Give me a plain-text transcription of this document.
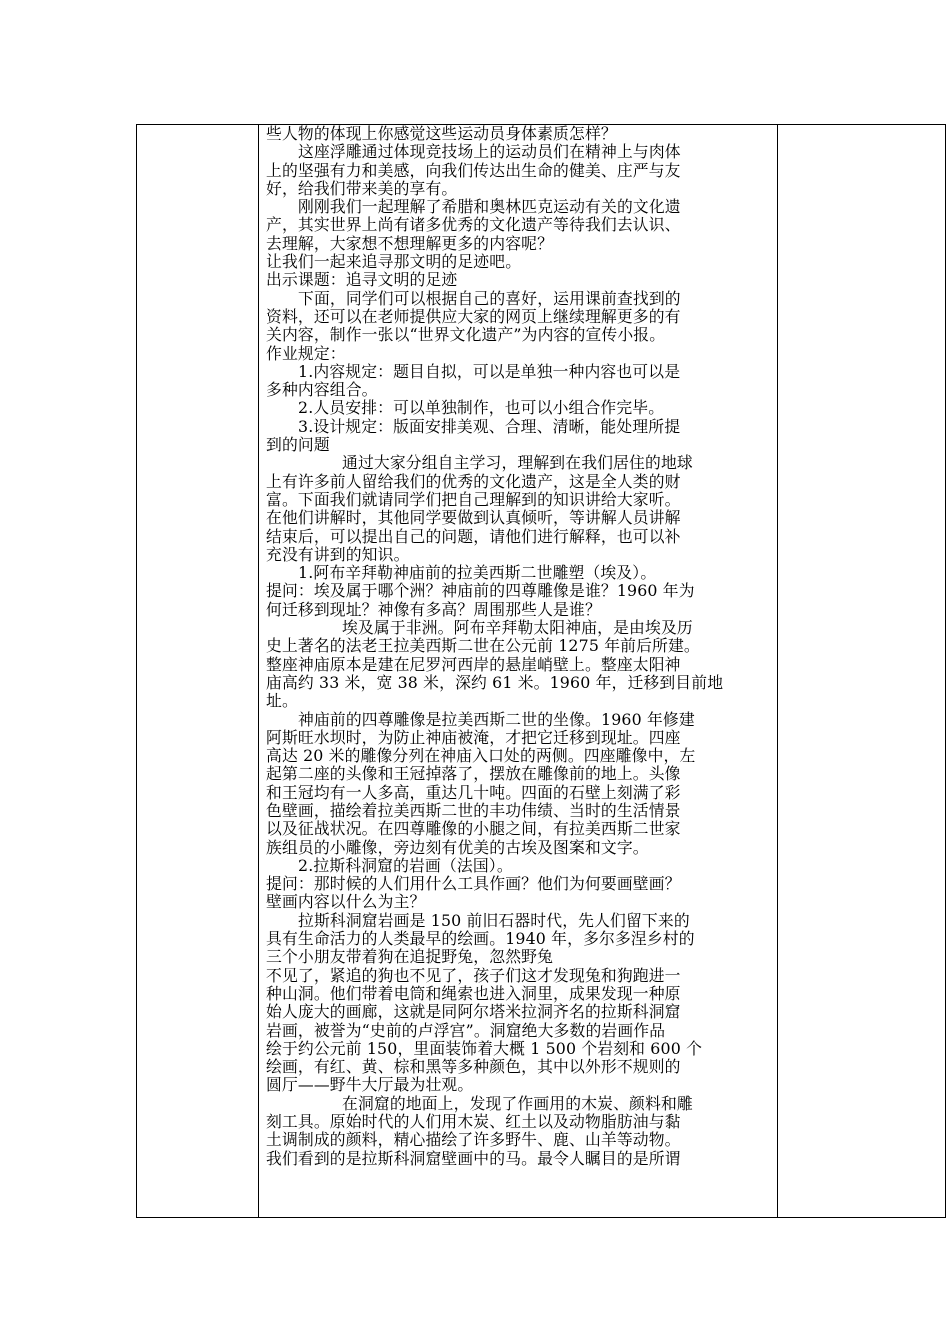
些人物的体现上你感觉这些运动员身体素质怎样？
这座浮雕通过体现竞技场上的运动员们在精神上与肉体
上的坚强有力和美感，向我们传达出生命的健美、庄严与友
好，给我们带来美的享有。
刚刚我们一起理解了希腊和奥林匹克运动有关的文化遗
产，其实世界上尚有诸多优秀的文化遗产等待我们去认识、
去理解，大家想不想理解更多的内容呢？
让我们一起来追寻那文明的足迹吧。
出示课题：追寻文明的足迹
下面，同学们可以根据自己的喜好，运用课前查找到的
资料，还可以在老师提供应大家的网页上继续理解更多的有
关内容，制作一张以“世界文化遗产”为内容的宣传小报。
作业规定：
1.内容规定：题目自拟，可以是单独一种内容也可以是
多种内容组合。
2.人员安排：可以单独制作，也可以小组合作完毕。
3.设计规定：版面安排美观、合理、清晰，能处理所提
到的问题
通过大家分组自主学习，理解到在我们居住的地球
上有许多前人留给我们的优秀的文化遗产，这是全人类的财
富。下面我们就请同学们把自己理解到的知识讲给大家听。
在他们讲解时，其他同学要做到认真倾听，等讲解人员讲解
结束后，可以提出自己的问题，请他们进行解释，也可以补
充没有讲到的知识。
1.阿布辛拜勒神庙前的拉美西斯二世雕塑（埃及）。
提问：埃及属于哪个洲？神庙前的四尊雕像是谁？1960 年为
何迁移到现址？神像有多高？周围那些人是谁？
埃及属于非洲。阿布辛拜勒太阳神庙，是由埃及历
史上著名的法老王拉美西斯二世在公元前 1275 年前后所建。
整座神庙原本是建在尼罗河西岸的悬崖峭壁上。整座太阳神
庙高约 33 米，宽 38 米，深约 61 米。1960 年，迁移到目前地
址。
神庙前的四尊雕像是拉美西斯二世的坐像。1960 年修建
阿斯旺水坝时，为防止神庙被淹，才把它迁移到现址。四座
高达 20 米的雕像分列在神庙入口处的两侧。四座雕像中，左
起第二座的头像和王冠掉落了，摆放在雕像前的地上。头像
和王冠均有一人多高，重达几十吨。四面的石壁上刻满了彩
色壁画，描绘着拉美西斯二世的丰功伟绩、当时的生活情景
以及征战状况。在四尊雕像的小腿之间，有拉美西斯二世家
族组员的小雕像，旁边刻有优美的古埃及图案和文字。
2.拉斯科洞窟的岩画（法国）。
提问：那时候的人们用什么工具作画？他们为何要画壁画？
壁画内容以什么为主？
拉斯科洞窟岩画是 150 前旧石器时代，先人们留下来的
具有生命活力的人类最早的绘画。1940 年，多尔多涅乡村的
三个小朋友带着狗在追捉野兔，忽然野兔
不见了，紧追的狗也不见了，孩子们这才发现兔和狗跑进一
种山洞。他们带着电筒和绳索也进入洞里，成果发现一种原
始人庞大的画廊，这就是同阿尔塔米拉洞齐名的拉斯科洞窟
岩画，被誉为“史前的卢浮宫”。洞窟绝大多数的岩画作品
绘于约公元前 150，里面装饰着大概 1 500 个岩刻和 600 个
绘画，有红、黄、棕和黑等多种颜色，其中以外形不规则的
圆厅——野牛大厅最为壮观。
在洞窟的地面上，发现了作画用的木炭、颜料和雕
刻工具。原始时代的人们用木炭、红土以及动物脂肪油与黏
土调制成的颜料，精心描绘了许多野牛、鹿、山羊等动物。
我们看到的是拉斯科洞窟壁画中的马。最令人瞩目的是所谓
